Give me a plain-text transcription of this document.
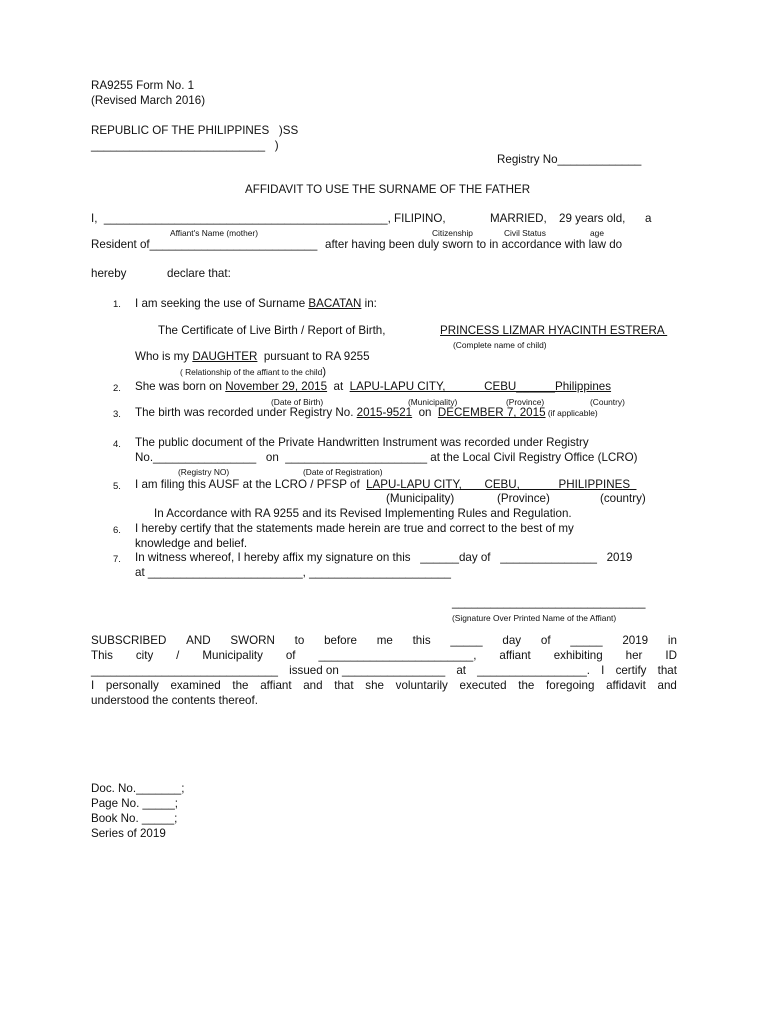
RA9255 Form No. 1
(Revised March 2016)
REPUBLIC OF THE PHILIPPINES   )SS
___________________________   )
Registry No_____________
AFFIDAVIT TO USE THE SURNAME OF THE FATHER
I,  ____________________________________________, FILIPINO,	MARRIED, 29 years old, a
Affiant's Name (mother)	Citizenship	Civil Status	age
Resident of__________________________ after having been duly sworn to in accordance with law do
hereby	declare that:
1. I am seeking the use of Surname BACATAN in:
The Certificate of Live Birth / Report of Birth,	PRINCESS LIZMAR HYACINTH ESTRERA
(Complete name of child)
Who is my DAUGHTER  pursuant to RA 9255
( Relationship of the affiant to the child)
2. She was born on November 29, 2015  at  LAPU-LAPU CITY,            CEBU______Philippines
(Date of Birth)	(Municipality)	(Province)	(Country)
3. The birth was recorded under Registry No. 2015-9521  on  DECEMBER 7, 2015 (if applicable)
4. The public document of the Private Handwritten Instrument was recorded under Registry
No.________________   on  ______________________ at the Local Civil Registry Office (LCRO)
(Registry NO)	(Date of Registration)
5. I am filing this AUSF at the LCRO / PFSP of  LAPU-LAPU CITY,       CEBU,            PHILIPPINES
(Municipality)	(Province)	(country)
In Accordance with RA 9255 and its Revised Implementing Rules and Regulation.
6. I hereby certify that the statements made herein are true and correct to the best of my
knowledge and belief.
7. In witness whereof, I hereby affix my signature on this   ______day of   _______________   2019
at ________________________, ______________________
______________________________
(Signature Over Printed Name of the Affiant)
SUBSCRIBED AND SWORN to before me this _____ day of _____ 2019 in
This city / Municipality of ________________________, affiant exhibiting her ID
_____________________________ issued on ________________ at _________________. I certify that
I personally examined the affiant and that she voluntarily executed the foregoing affidavit and
understood the contents thereof.
Doc. No._______;
Page No. _____;
Book No. _____;
Series of 2019
